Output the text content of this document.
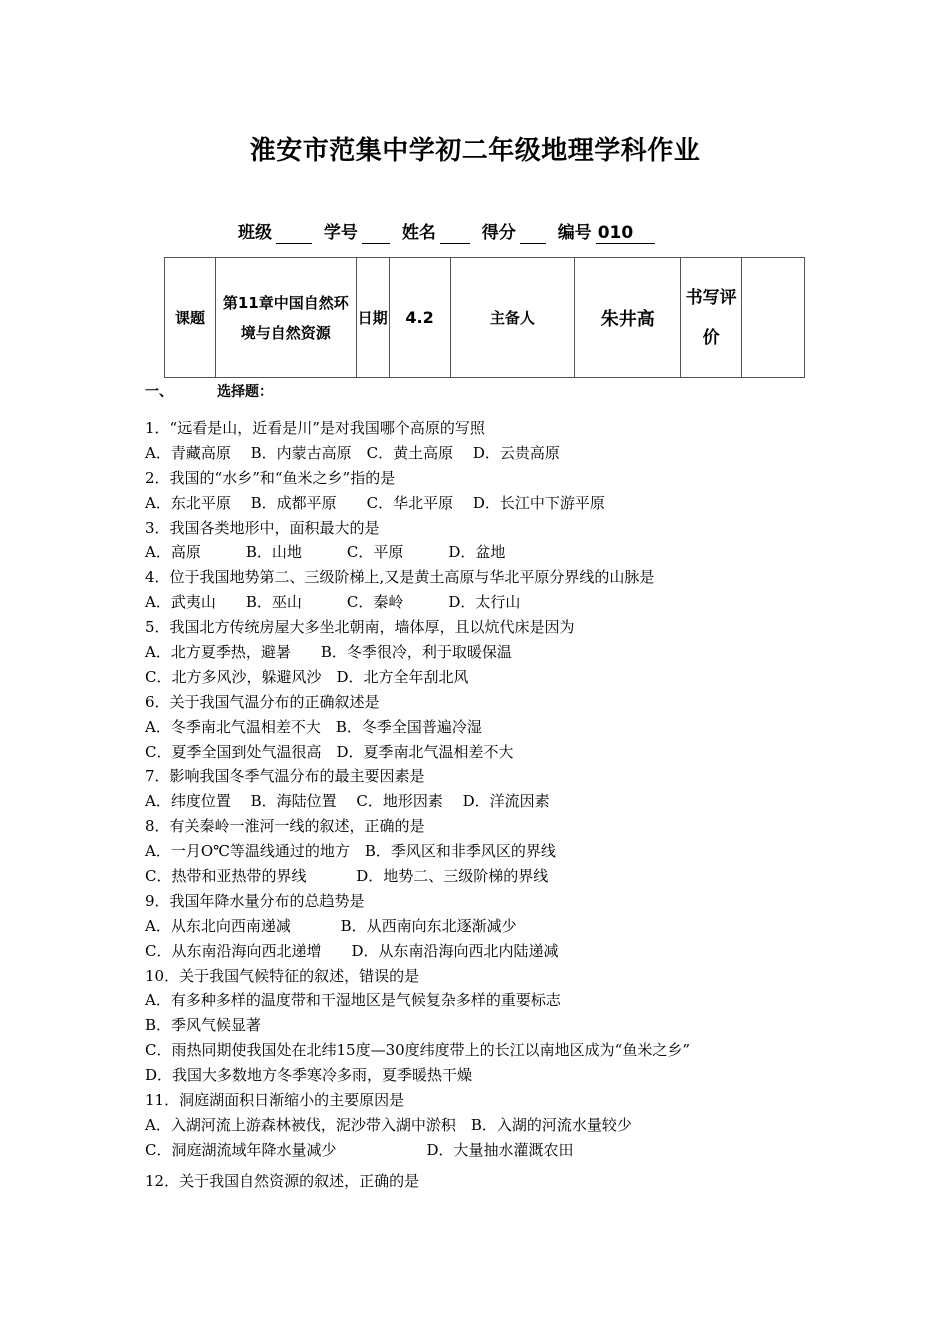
淮安市范集中学初二年级地理学科作业
班级	学号	姓名	得分 编号 010
课题	第11章中国自然环境与自然资源	日期	4.2	主备人	朱井高	书写评价	
一、	选择题：
1．“远看是山，近看是川”是对我国哪个高原的写照
A．青藏高原　 B．内蒙古高原　C．黄土高原　 D．云贵高原
2．我国的“水乡”和“鱼米之乡”指的是
A．东北平原　 B．成都平原　　C．华北平原　 D．长江中下游平原
3．我国各类地形中，面积最大的是
A．高原　　　B．山地　　　C．平原　　　D．盆地
4．位于我国地势第二、三级阶梯上,又是黄土高原与华北平原分界线的山脉是
A．武夷山　　B．巫山　　　C．秦岭　　　D．太行山
5．我国北方传统房屋大多坐北朝南，墙体厚，且以炕代床是因为
A．北方夏季热，避暑　　B．冬季很冷，利于取暖保温
C．北方多风沙，躲避风沙　D．北方全年刮北风
6．关于我国气温分布的正确叙述是
A．冬季南北气温相差不大　B．冬季全国普遍冷湿
C．夏季全国到处气温很高　D．夏季南北气温相差不大
7．影响我国冬季气温分布的最主要因素是
A．纬度位置　 B．海陆位置　 C．地形因素　 D．洋流因素
8．有关秦岭一淮河一线的叙述，正确的是
A．一月O℃等温线通过的地方　B．季风区和非季风区的界线
C．热带和亚热带的界线　　　 D．地势二、三级阶梯的界线
9．我国年降水量分布的总趋势是
A．从东北向西南递减　　　 B．从西南向东北逐渐减少
C．从东南沿海向西北递增　　D．从东南沿海向西北内陆递减
10．关于我国气候特征的叙述，错误的是
A．有多种多样的温度带和干湿地区是气候复杂多样的重要标志
B．季风气候显著
C．雨热同期使我国处在北纬15度—30度纬度带上的长江以南地区成为“鱼米之乡”
D．我国大多数地方冬季寒冷多雨，夏季暖热干燥
11．洞庭湖面积日渐缩小的主要原因是
A．入湖河流上游森林被伐，泥沙带入湖中淤积　B．入湖的河流水量较少
C．洞庭湖流域年降水量减少　　　　　　D．大量抽水灌溉农田
12．关于我国自然资源的叙述，正确的是
